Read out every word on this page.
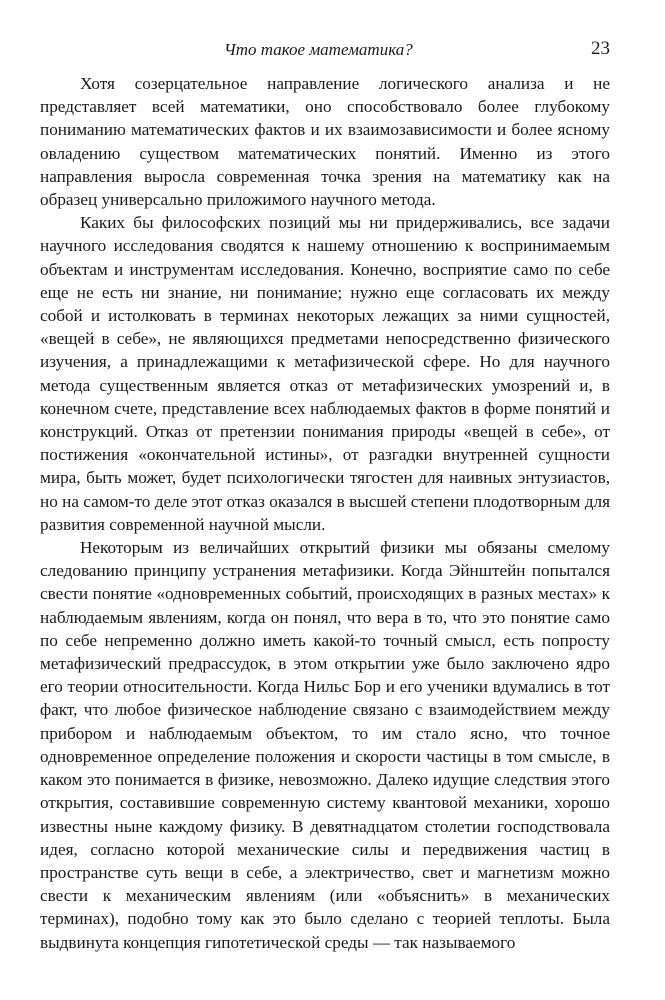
Что такое математика?	23

Хотя созерцательное направление логического анализа и не представляет всей математики, оно способствовало более глубокому пониманию математических фактов и их взаимозависимости и более ясному овладению существом математических понятий. Именно из этого направления выросла современная точка зрения на математику как на образец универсально приложимого научного метода.

Каких бы философских позиций мы ни придерживались, все задачи научного исследования сводятся к нашему отношению к воспринимаемым объектам и инструментам исследования. Конечно, восприятие само по себе еще не есть ни знание, ни понимание; нужно еще согласовать их между собой и истолковать в терминах некоторых лежащих за ними сущностей, «вещей в себе», не являющихся предметами непосредственно физического изучения, а принадлежащими к метафизической сфере. Но для научного метода существенным является отказ от метафизических умозрений и, в конечном счете, представление всех наблюдаемых фактов в форме понятий и конструкций. Отказ от претензии понимания природы «вещей в себе», от постижения «окончательной истины», от разгадки внутренней сущности мира, быть может, будет психологически тягостен для наивных энтузиастов, но на самом-то деле этот отказ оказался в высшей степени плодотворным для развития современной научной мысли.

Некоторым из величайших открытий физики мы обязаны смелому следованию принципу устранения метафизики. Когда Эйнштейн попытался свести понятие «одновременных событий, происходящих в разных местах» к наблюдаемым явлениям, когда он понял, что вера в то, что это понятие само по себе непременно должно иметь какой-то точный смысл, есть попросту метафизический предрассудок, в этом открытии уже было заключено ядро его теории относительности. Когда Нильс Бор и его ученики вдумались в тот факт, что любое физическое наблюдение связано с взаимодействием между прибором и наблюдаемым объектом, то им стало ясно, что точное одновременное определение положения и скорости частицы в том смысле, в каком это понимается в физике, невозможно. Далеко идущие следствия этого открытия, составившие современную систему квантовой механики, хорошо известны ныне каждому физику. В девятнадцатом столетии господствовала идея, согласно которой механические силы и передвижения частиц в пространстве суть вещи в себе, а электричество, свет и магнетизм можно свести к механическим явлениям (или «объяснить» в механических терминах), подобно тому как это было сделано с теорией теплоты. Была выдвинута концепция гипотетической среды — так называемого
